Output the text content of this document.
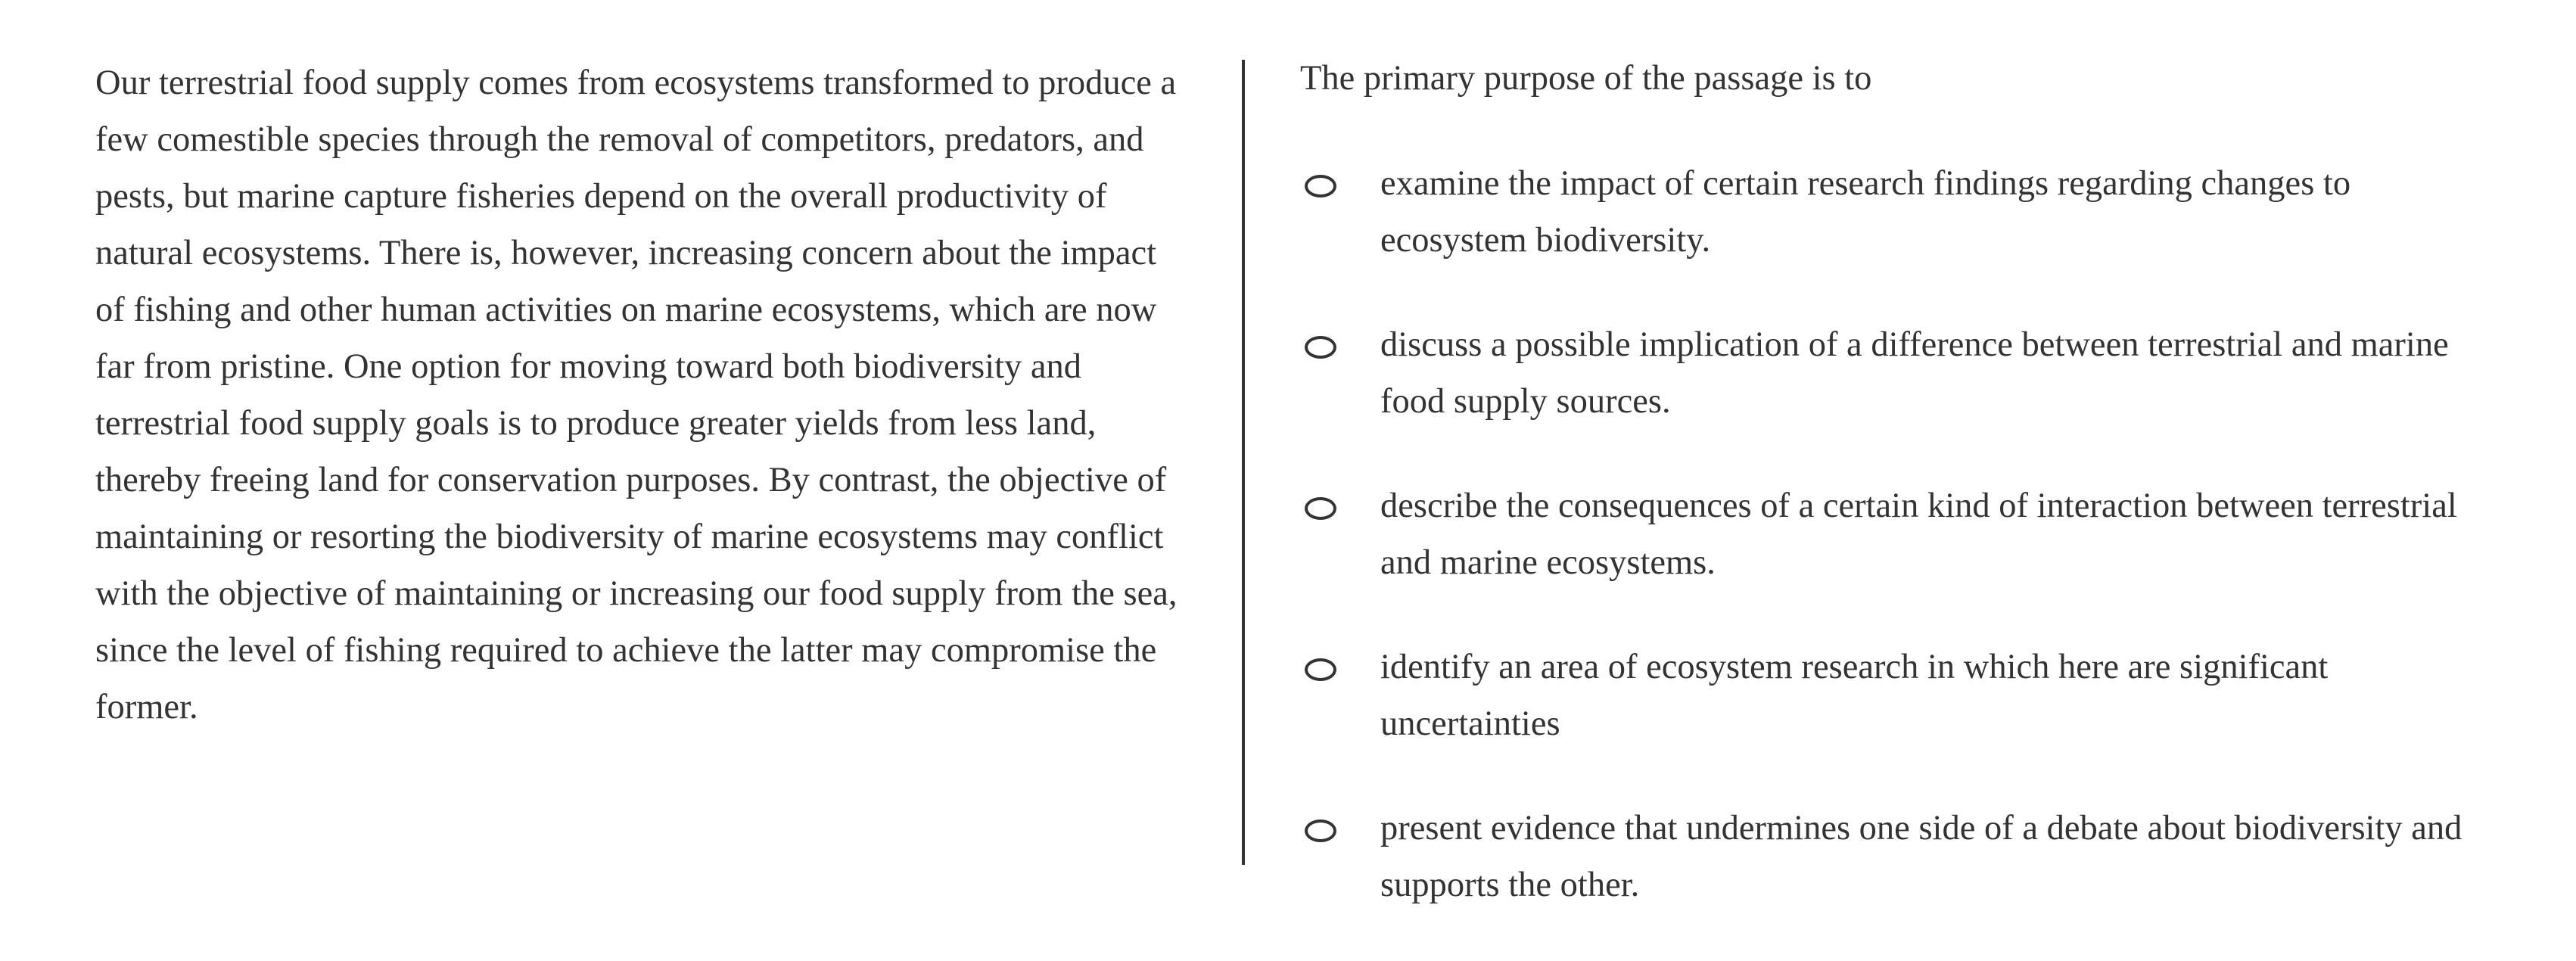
Our terrestrial food supply comes from ecosystems transformed to produce a few comestible species through the removal of competitors, predators, and pests, but marine capture fisheries depend on the overall productivity of natural ecosystems. There is, however, increasing concern about the impact of fishing and other human activities on marine ecosystems, which are now far from pristine. One option for moving toward both biodiversity and terrestrial food supply goals is to produce greater yields from less land, thereby freeing land for conservation purposes. By contrast, the objective of maintaining or resorting the biodiversity of marine ecosystems may conflict with the objective of maintaining or increasing our food supply from the sea, since the level of fishing required to achieve the latter may compromise the former.

The primary purpose of the passage is to

examine the impact of certain research findings regarding changes to ecosystem biodiversity.
discuss a possible implication of a difference between terrestrial and marine food supply sources.
describe the consequences of a certain kind of interaction between terrestrial and marine ecosystems.
identify an area of ecosystem research in which here are significant uncertainties
present evidence that undermines one side of a debate about biodiversity and supports the other.
